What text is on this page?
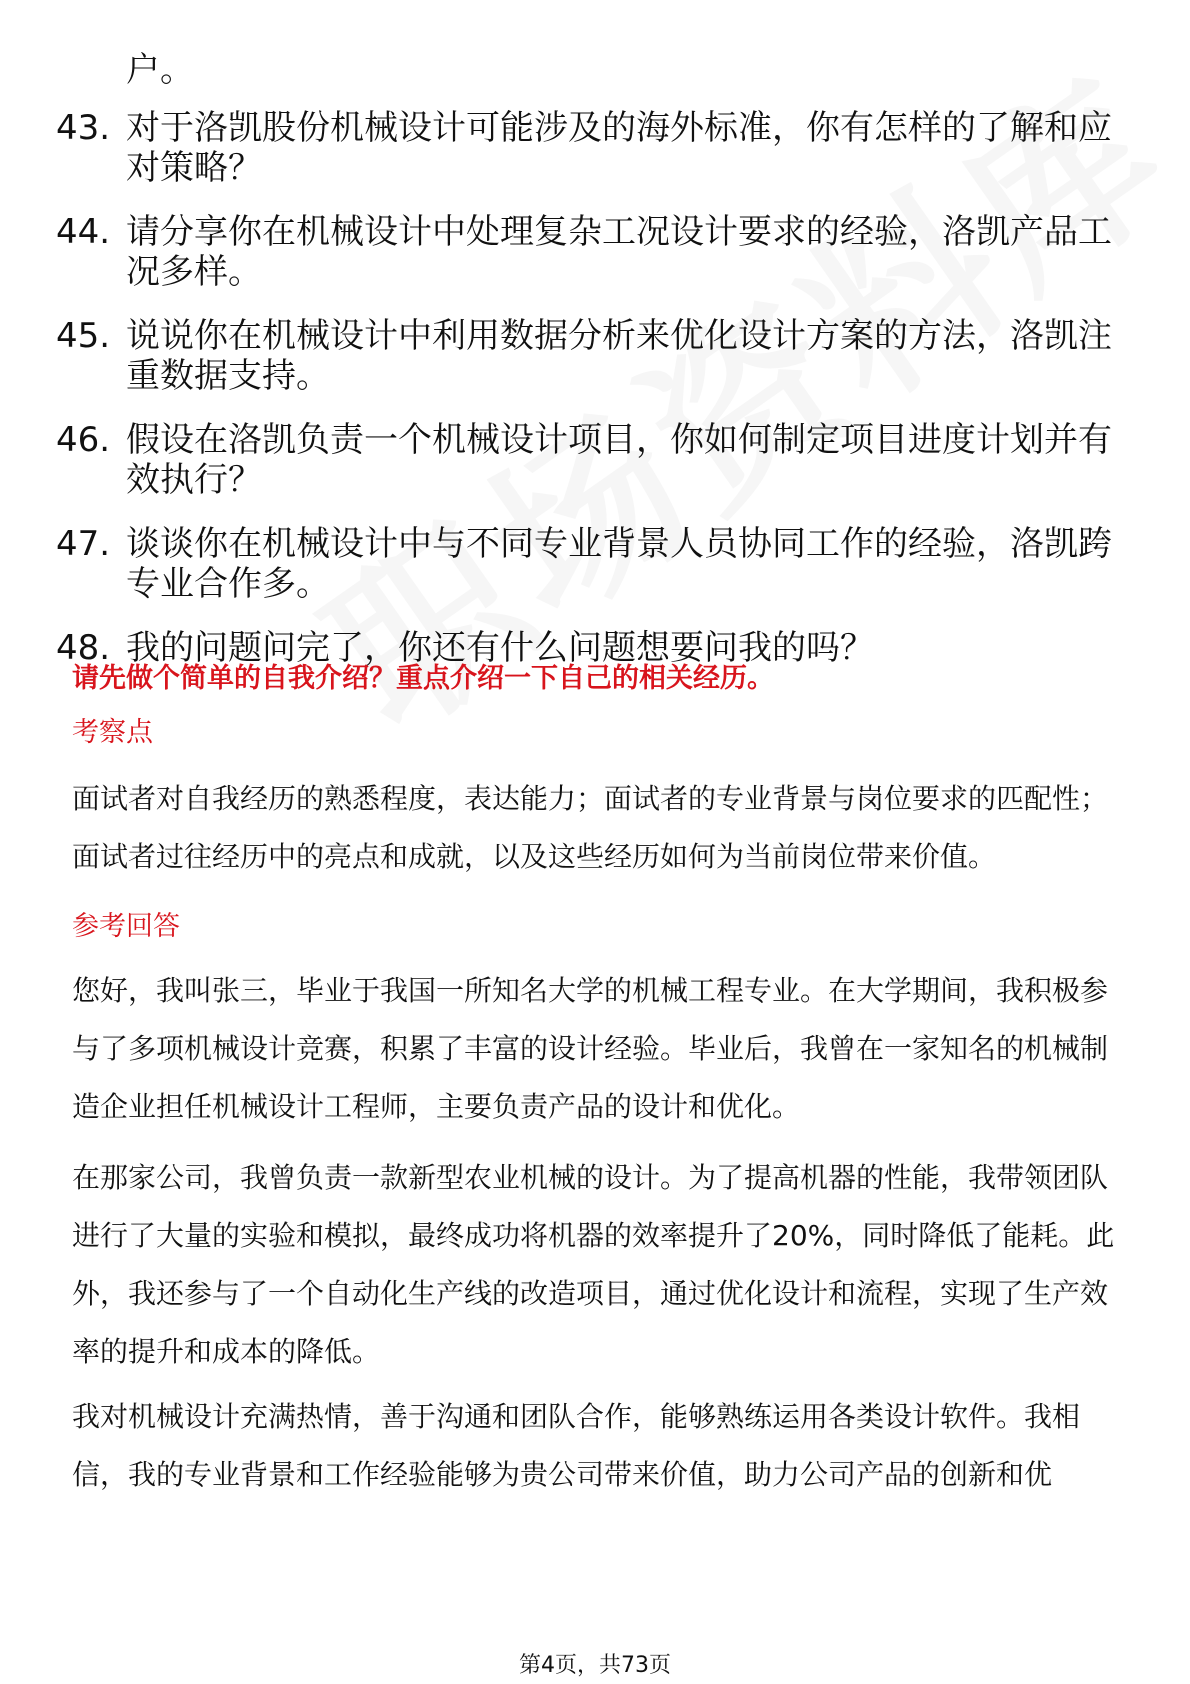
户。
43. 对于洛凯股份机械设计可能涉及的海外标准，你有怎样的了解和应对策略？
44. 请分享你在机械设计中处理复杂工况设计要求的经验，洛凯产品工况多样。
45. 说说你在机械设计中利用数据分析来优化设计方案的方法，洛凯注重数据支持。
46. 假设在洛凯负责一个机械设计项目，你如何制定项目进度计划并有效执行？
47. 谈谈你在机械设计中与不同专业背景人员协同工作的经验，洛凯跨专业合作多。
48. 我的问题问完了，你还有什么问题想要问我的吗？
请先做个简单的自我介绍？重点介绍一下自己的相关经历。
考察点
面试者对自我经历的熟悉程度，表达能力；面试者的专业背景与岗位要求的匹配性；面试者过往经历中的亮点和成就，以及这些经历如何为当前岗位带来价值。
参考回答
您好，我叫张三，毕业于我国一所知名大学的机械工程专业。在大学期间，我积极参与了多项机械设计竞赛，积累了丰富的设计经验。毕业后，我曾在一家知名的机械制造企业担任机械设计工程师，主要负责产品的设计和优化。
在那家公司，我曾负责一款新型农业机械的设计。为了提高机器的性能，我带领团队进行了大量的实验和模拟，最终成功将机器的效率提升了20%，同时降低了能耗。此外，我还参与了一个自动化生产线的改造项目，通过优化设计和流程，实现了生产效率的提升和成本的降低。
我对机械设计充满热情，善于沟通和团队合作，能够熟练运用各类设计软件。我相信，我的专业背景和工作经验能够为贵公司带来价值，助力公司产品的创新和优
第4页，共73页
